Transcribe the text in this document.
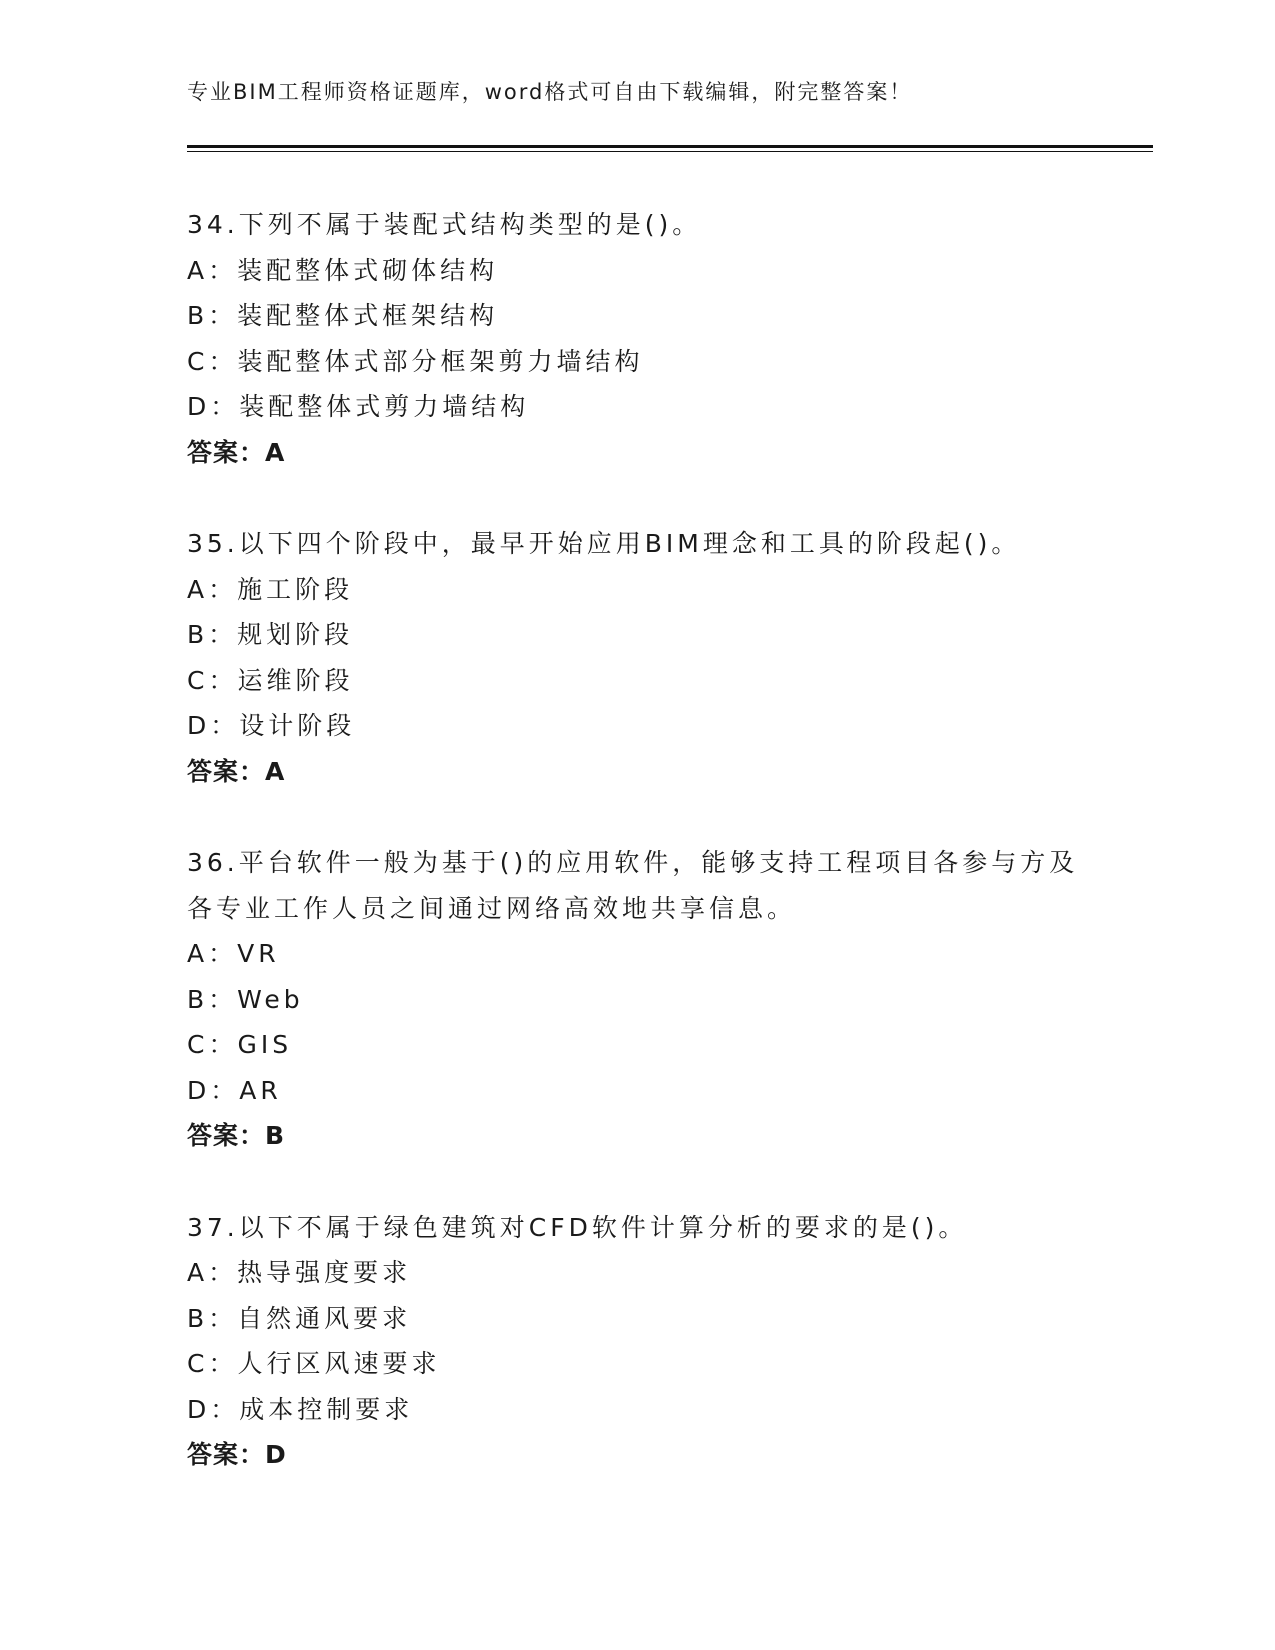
专业BIM工程师资格证题库，word格式可自由下载编辑，附完整答案！

34.下列不属于装配式结构类型的是()。

A：装配整体式砌体结构

B：装配整体式框架结构

C：装配整体式部分框架剪力墙结构

D：装配整体式剪力墙结构

答案：A

35.以下四个阶段中，最早开始应用BIM理念和工具的阶段起()。

A：施工阶段

B：规划阶段

C：运维阶段

D：设计阶段

答案：A

36.平台软件一般为基于()的应用软件，能够支持工程项目各参与方及各专业工作人员之间通过网络高效地共享信息。

A：VR

B：Web

C：GIS

D：AR

答案：B

37.以下不属于绿色建筑对CFD软件计算分析的要求的是()。

A：热导强度要求

B：自然通风要求

C：人行区风速要求

D：成本控制要求

答案：D
